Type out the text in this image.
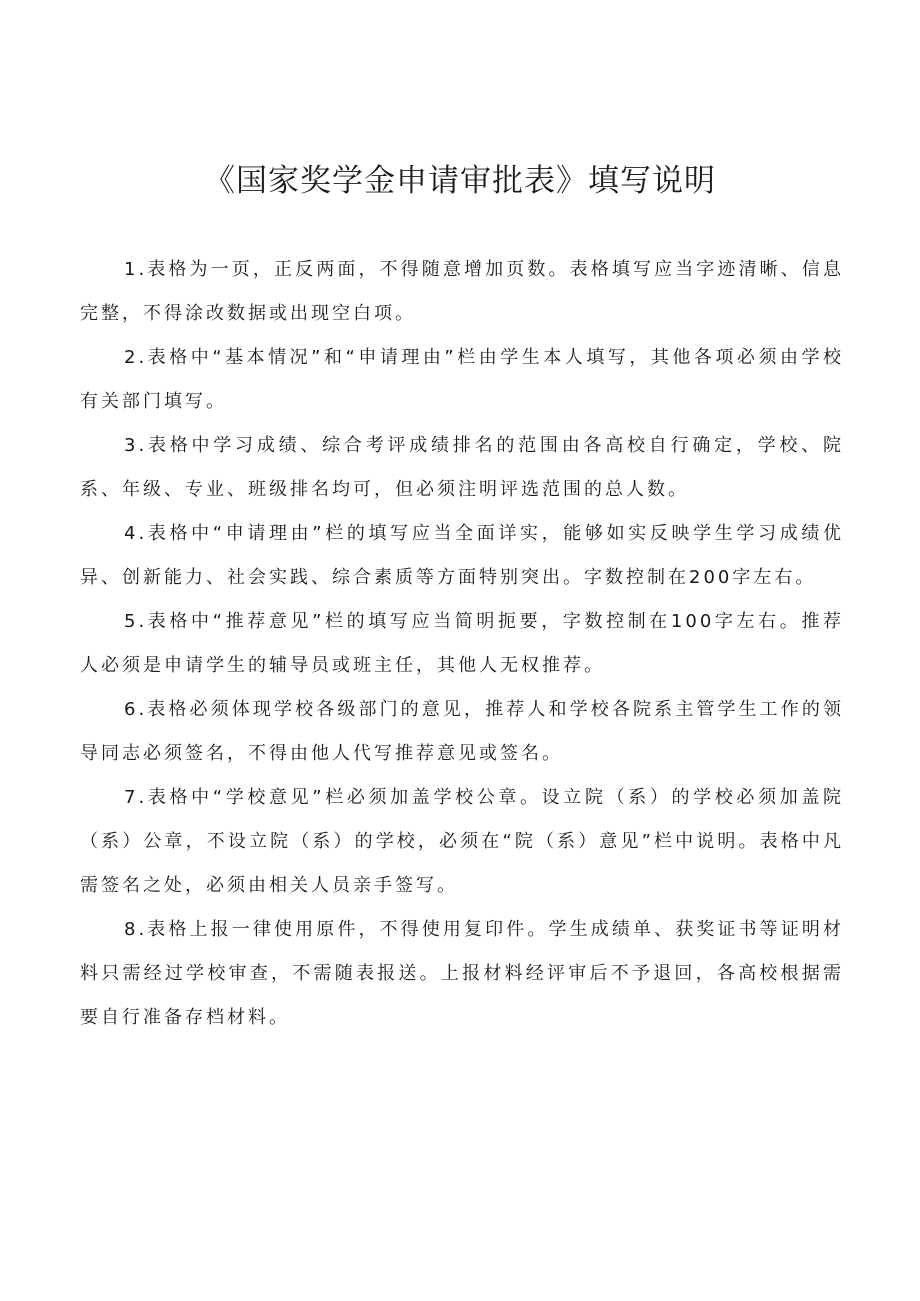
《国家奖学金申请审批表》填写说明
1.表格为一页，正反两面，不得随意增加页数。表格填写应当字迹清晰、信息完整，不得涂改数据或出现空白项。
2.表格中“基本情况”和“申请理由”栏由学生本人填写，其他各项必须由学校有关部门填写。
3.表格中学习成绩、综合考评成绩排名的范围由各高校自行确定，学校、院系、年级、专业、班级排名均可，但必须注明评选范围的总人数。
4.表格中“申请理由”栏的填写应当全面详实，能够如实反映学生学习成绩优异、创新能力、社会实践、综合素质等方面特别突出。字数控制在200字左右。
5.表格中“推荐意见”栏的填写应当简明扼要，字数控制在100字左右。推荐人必须是申请学生的辅导员或班主任，其他人无权推荐。
6.表格必须体现学校各级部门的意见，推荐人和学校各院系主管学生工作的领导同志必须签名，不得由他人代写推荐意见或签名。
7.表格中“学校意见”栏必须加盖学校公章。设立院（系）的学校必须加盖院（系）公章，不设立院（系）的学校，必须在“院（系）意见”栏中说明。表格中凡需签名之处，必须由相关人员亲手签写。
8.表格上报一律使用原件，不得使用复印件。学生成绩单、获奖证书等证明材料只需经过学校审查，不需随表报送。上报材料经评审后不予退回，各高校根据需要自行准备存档材料。
